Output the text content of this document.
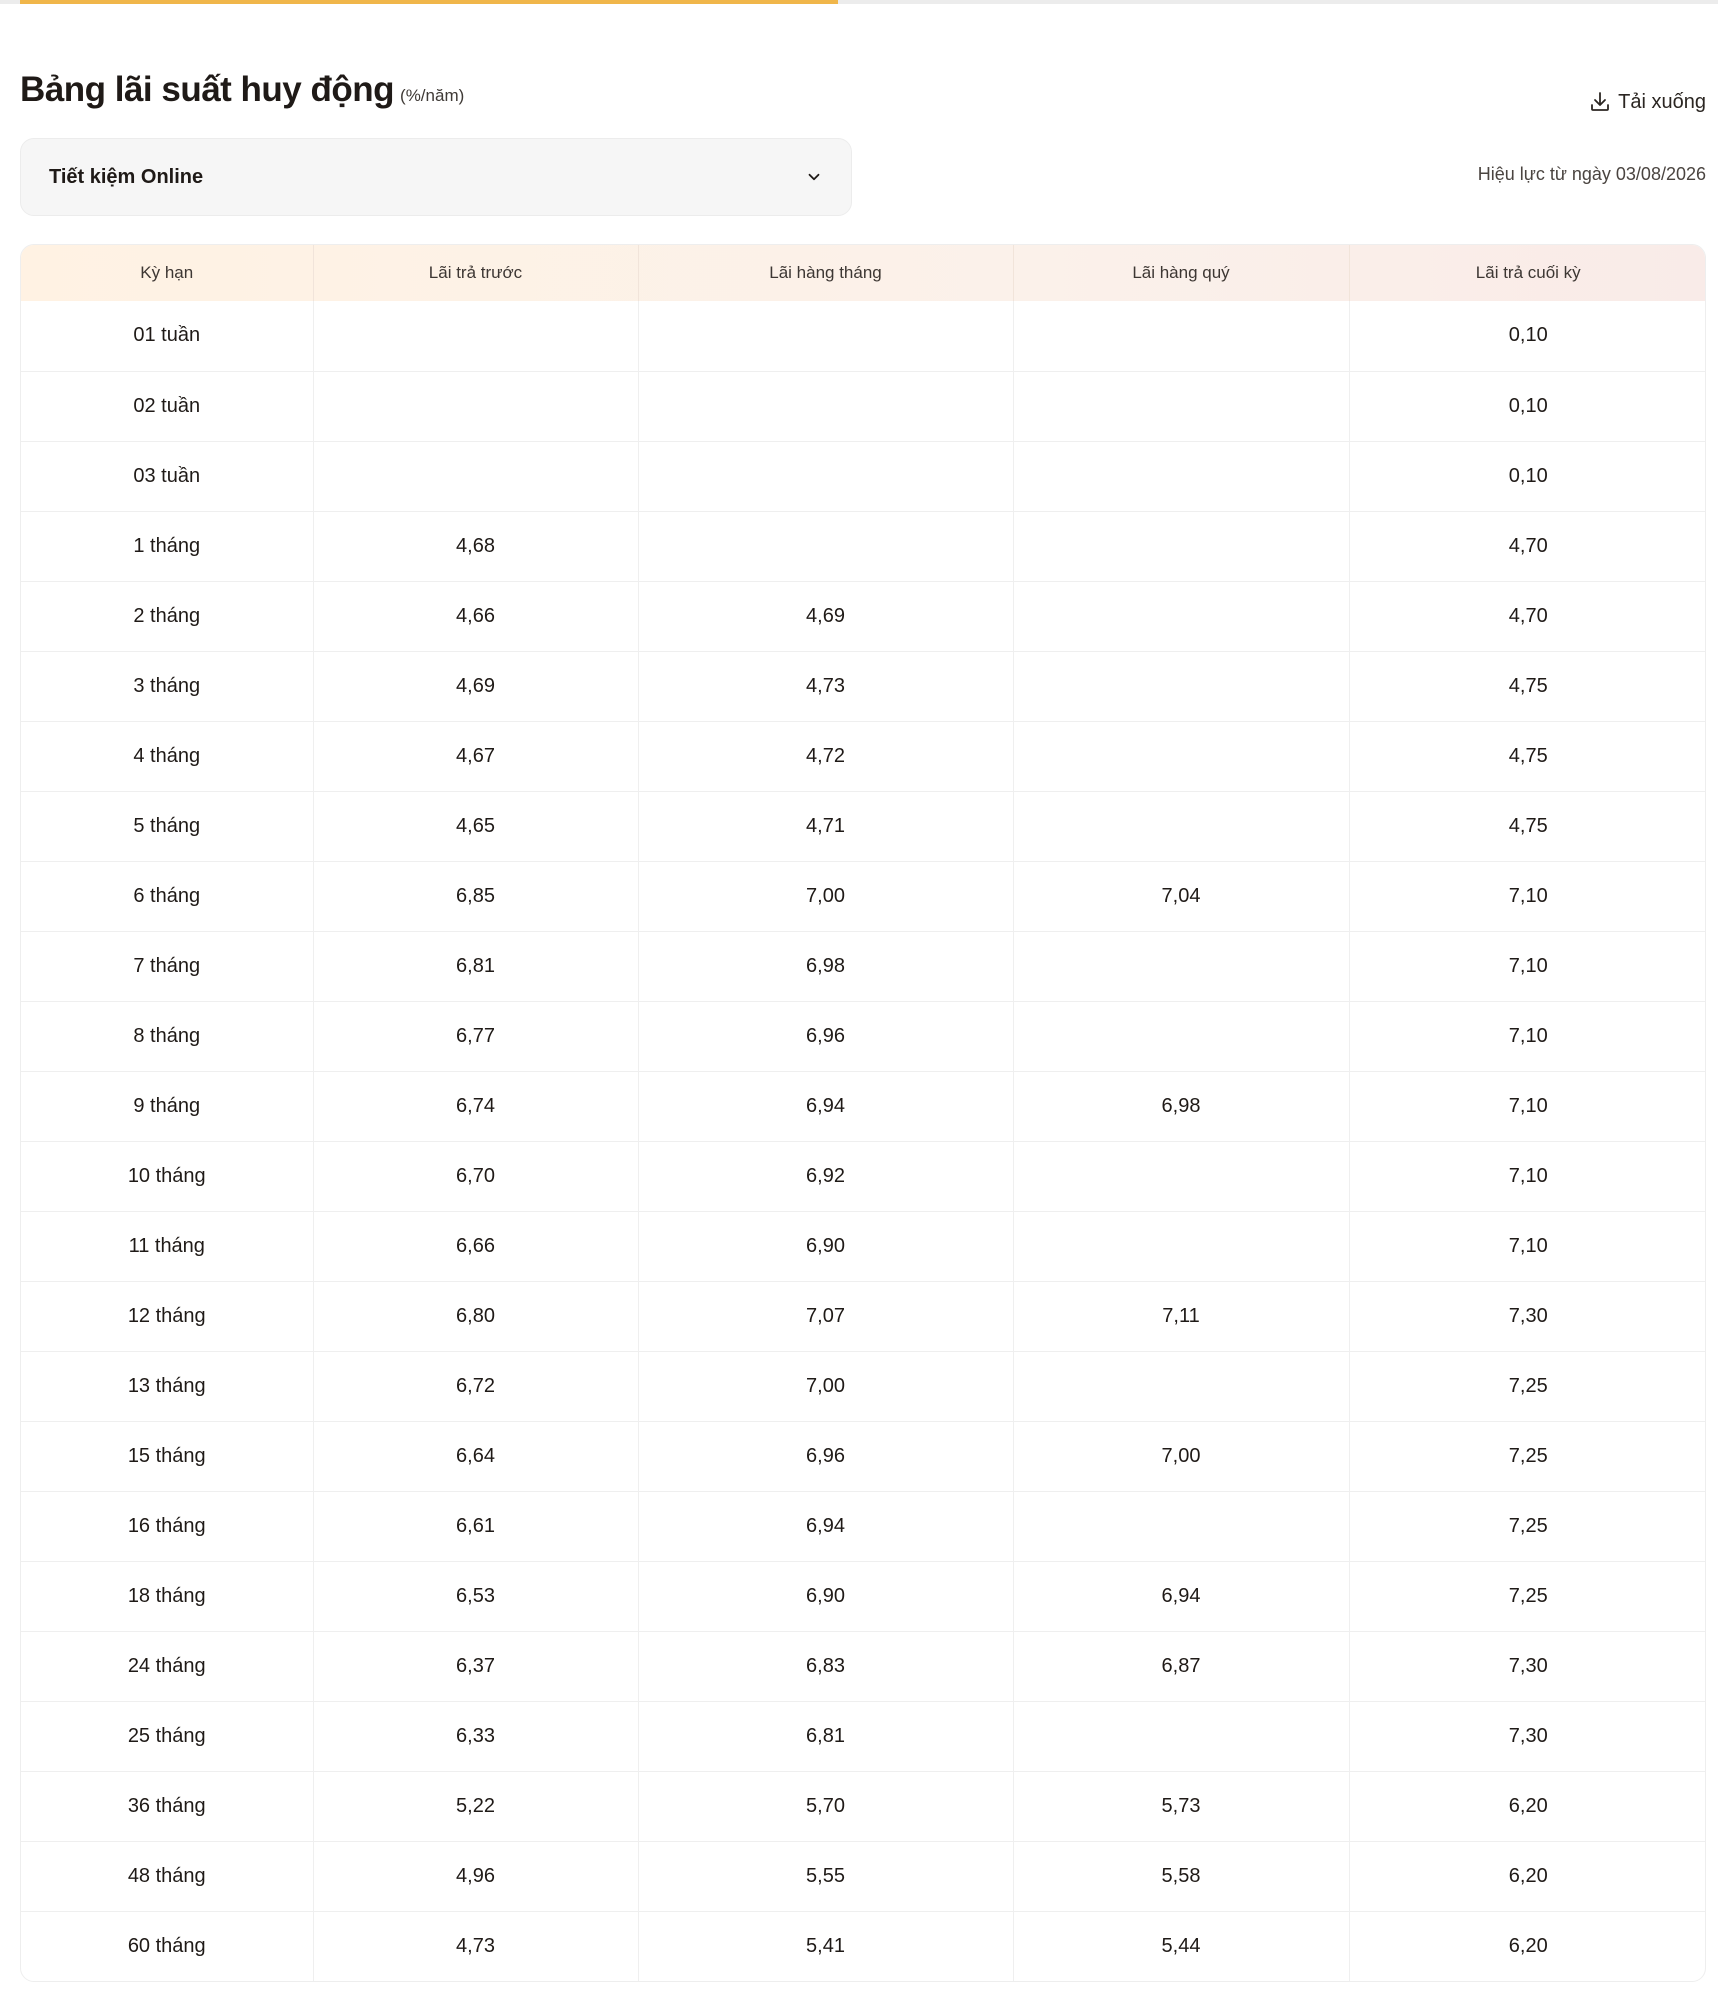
Bảng lãi suất huy động (%/năm)	Tải xuống
Tiết kiệm Online	Hiệu lực từ ngày 03/08/2026
Kỳ hạn	Lãi trả trước	Lãi hàng tháng	Lãi hàng quý	Lãi trả cuối kỳ
01 tuần				0,10
02 tuần				0,10
03 tuần				0,10
1 tháng	4,68			4,70
2 tháng	4,66	4,69		4,70
3 tháng	4,69	4,73		4,75
4 tháng	4,67	4,72		4,75
5 tháng	4,65	4,71		4,75
6 tháng	6,85	7,00	7,04	7,10
7 tháng	6,81	6,98		7,10
8 tháng	6,77	6,96		7,10
9 tháng	6,74	6,94	6,98	7,10
10 tháng	6,70	6,92		7,10
11 tháng	6,66	6,90		7,10
12 tháng	6,80	7,07	7,11	7,30
13 tháng	6,72	7,00		7,25
15 tháng	6,64	6,96	7,00	7,25
16 tháng	6,61	6,94		7,25
18 tháng	6,53	6,90	6,94	7,25
24 tháng	6,37	6,83	6,87	7,30
25 tháng	6,33	6,81		7,30
36 tháng	5,22	5,70	5,73	6,20
48 tháng	4,96	5,55	5,58	6,20
60 tháng	4,73	5,41	5,44	6,20
